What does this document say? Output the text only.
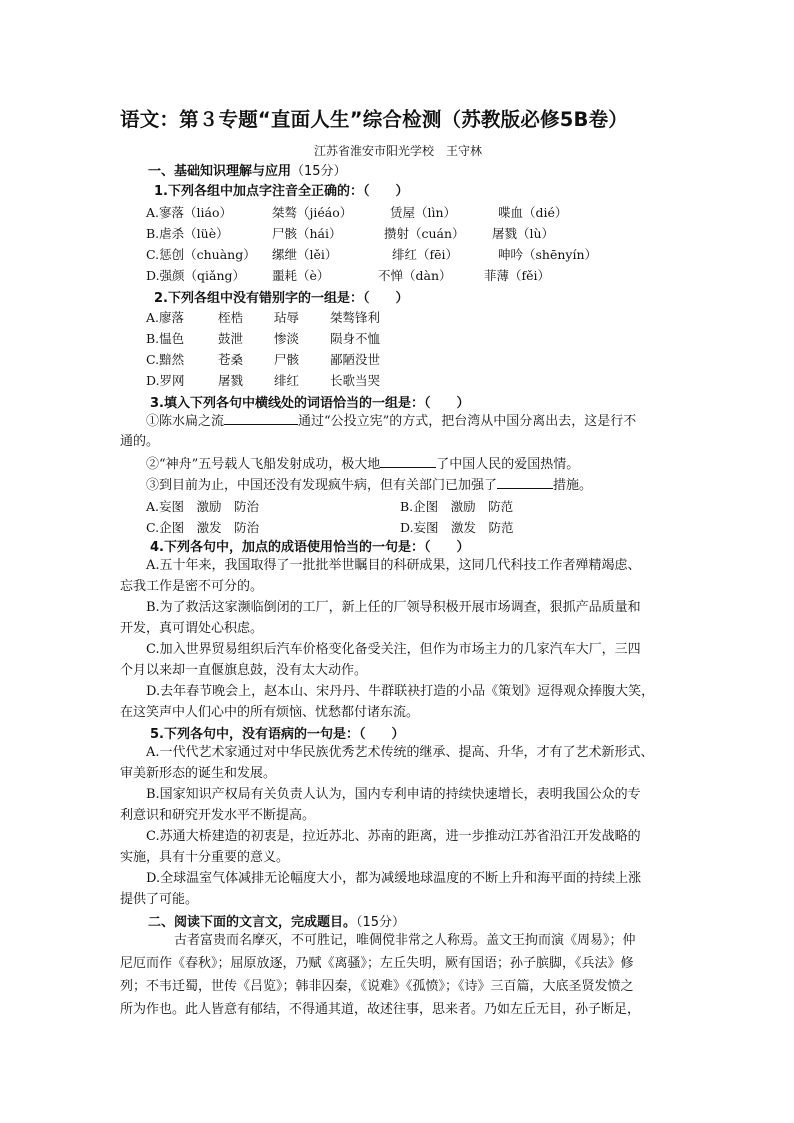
语文：第３专题“直面人生”综合检测（苏教版必修5B卷）
江苏省淮安市阳光学校　王守林
一、基础知识理解与应用（15分）
1.下列各组中加点字注音全正确的：（　　）
A.寥落（liáo）	桀骜（jiéáo）	赁屋（lìn）	喋血（dié）
B.虐杀（lüè）	尸骸（hái）	攒射（cuán） 屠戮（lù）
C.惩创（chuàng） 缧绁（lěi）	绯红（fēi）	呻吟（shēnyín）
D.强颜（qiǎng） 噩耗（è）	不惮（dàn）	菲薄（fěi）
2.下列各组中没有错别字的一组是：（　　）
A.廖落	桎梏 玷辱 桀骜锋利
B.愠色	鼓泄 惨淡 陨身不恤
C.黯然	苍桑 尸骸 鄙陋没世
D.罗网	屠戮 绯红 长歌当哭
3.填入下列各句中横线处的词语恰当的一组是：（　　）
①陈水扁之流	通过“公投立宪”的方式，把台湾从中国分离出去，这是行不
通的。
②“神舟”五号载人飞船发射成功，极大地	了中国人民的爱国热情。
③到目前为止，中国还没有发现疯牛病，但有关部门已加强了	措施。
A.妄图　激励　防治	B.企图　激励　防范
C.企图　激发　防治	D.妄图　激发　防范
4.下列各句中，加点的成语使用恰当的一句是：（　　）
A.五十年来，我国取得了一批批举世瞩目的科研成果，这同几代科技工作者殚精竭虑、
忘我工作是密不可分的。
B.为了救活这家濒临倒闭的工厂，新上任的厂领导积极开展市场调查，狠抓产品质量和
开发，真可谓处心积虑。
C.加入世界贸易组织后汽车价格变化备受关注，但作为市场主力的几家汽车大厂，三四
个月以来却一直偃旗息鼓，没有太大动作。
D.去年春节晚会上，赵本山、宋丹丹、牛群联袂打造的小品《策划》逗得观众捧腹大笑，
在这笑声中人们心中的所有烦恼、忧愁都付诸东流。
5.下列各句中，没有语病的一句是：（　　）
A.一代代艺术家通过对中华民族优秀艺术传统的继承、提高、升华，才有了艺术新形式、
审美新形态的诞生和发展。
B.国家知识产权局有关负责人认为，国内专利申请的持续快速增长，表明我国公众的专
利意识和研究开发水平不断提高。
C.苏通大桥建造的初衷是，拉近苏北、苏南的距离，进一步推动江苏省沿江开发战略的
实施，具有十分重要的意义。
D.全球温室气体减排无论幅度大小，都为减缓地球温度的不断上升和海平面的持续上涨
提供了可能。
二、阅读下面的文言文，完成题目。（15分）
古者富贵而名摩灭，不可胜记，唯倜傥非常之人称焉。盖文王拘而演《周易》；仲
尼厄而作《春秋》；屈原放逐，乃赋《离骚》；左丘失明，厥有国语；孙子膑脚，《兵法》修
列；不韦迁蜀，世传《吕览》；韩非囚秦，《说难》《孤愤》；《诗》三百篇，大底圣贤发愤之
所为作也。此人皆意有郁结，不得通其道，故述往事，思来者。乃如左丘无目，孙子断足，
